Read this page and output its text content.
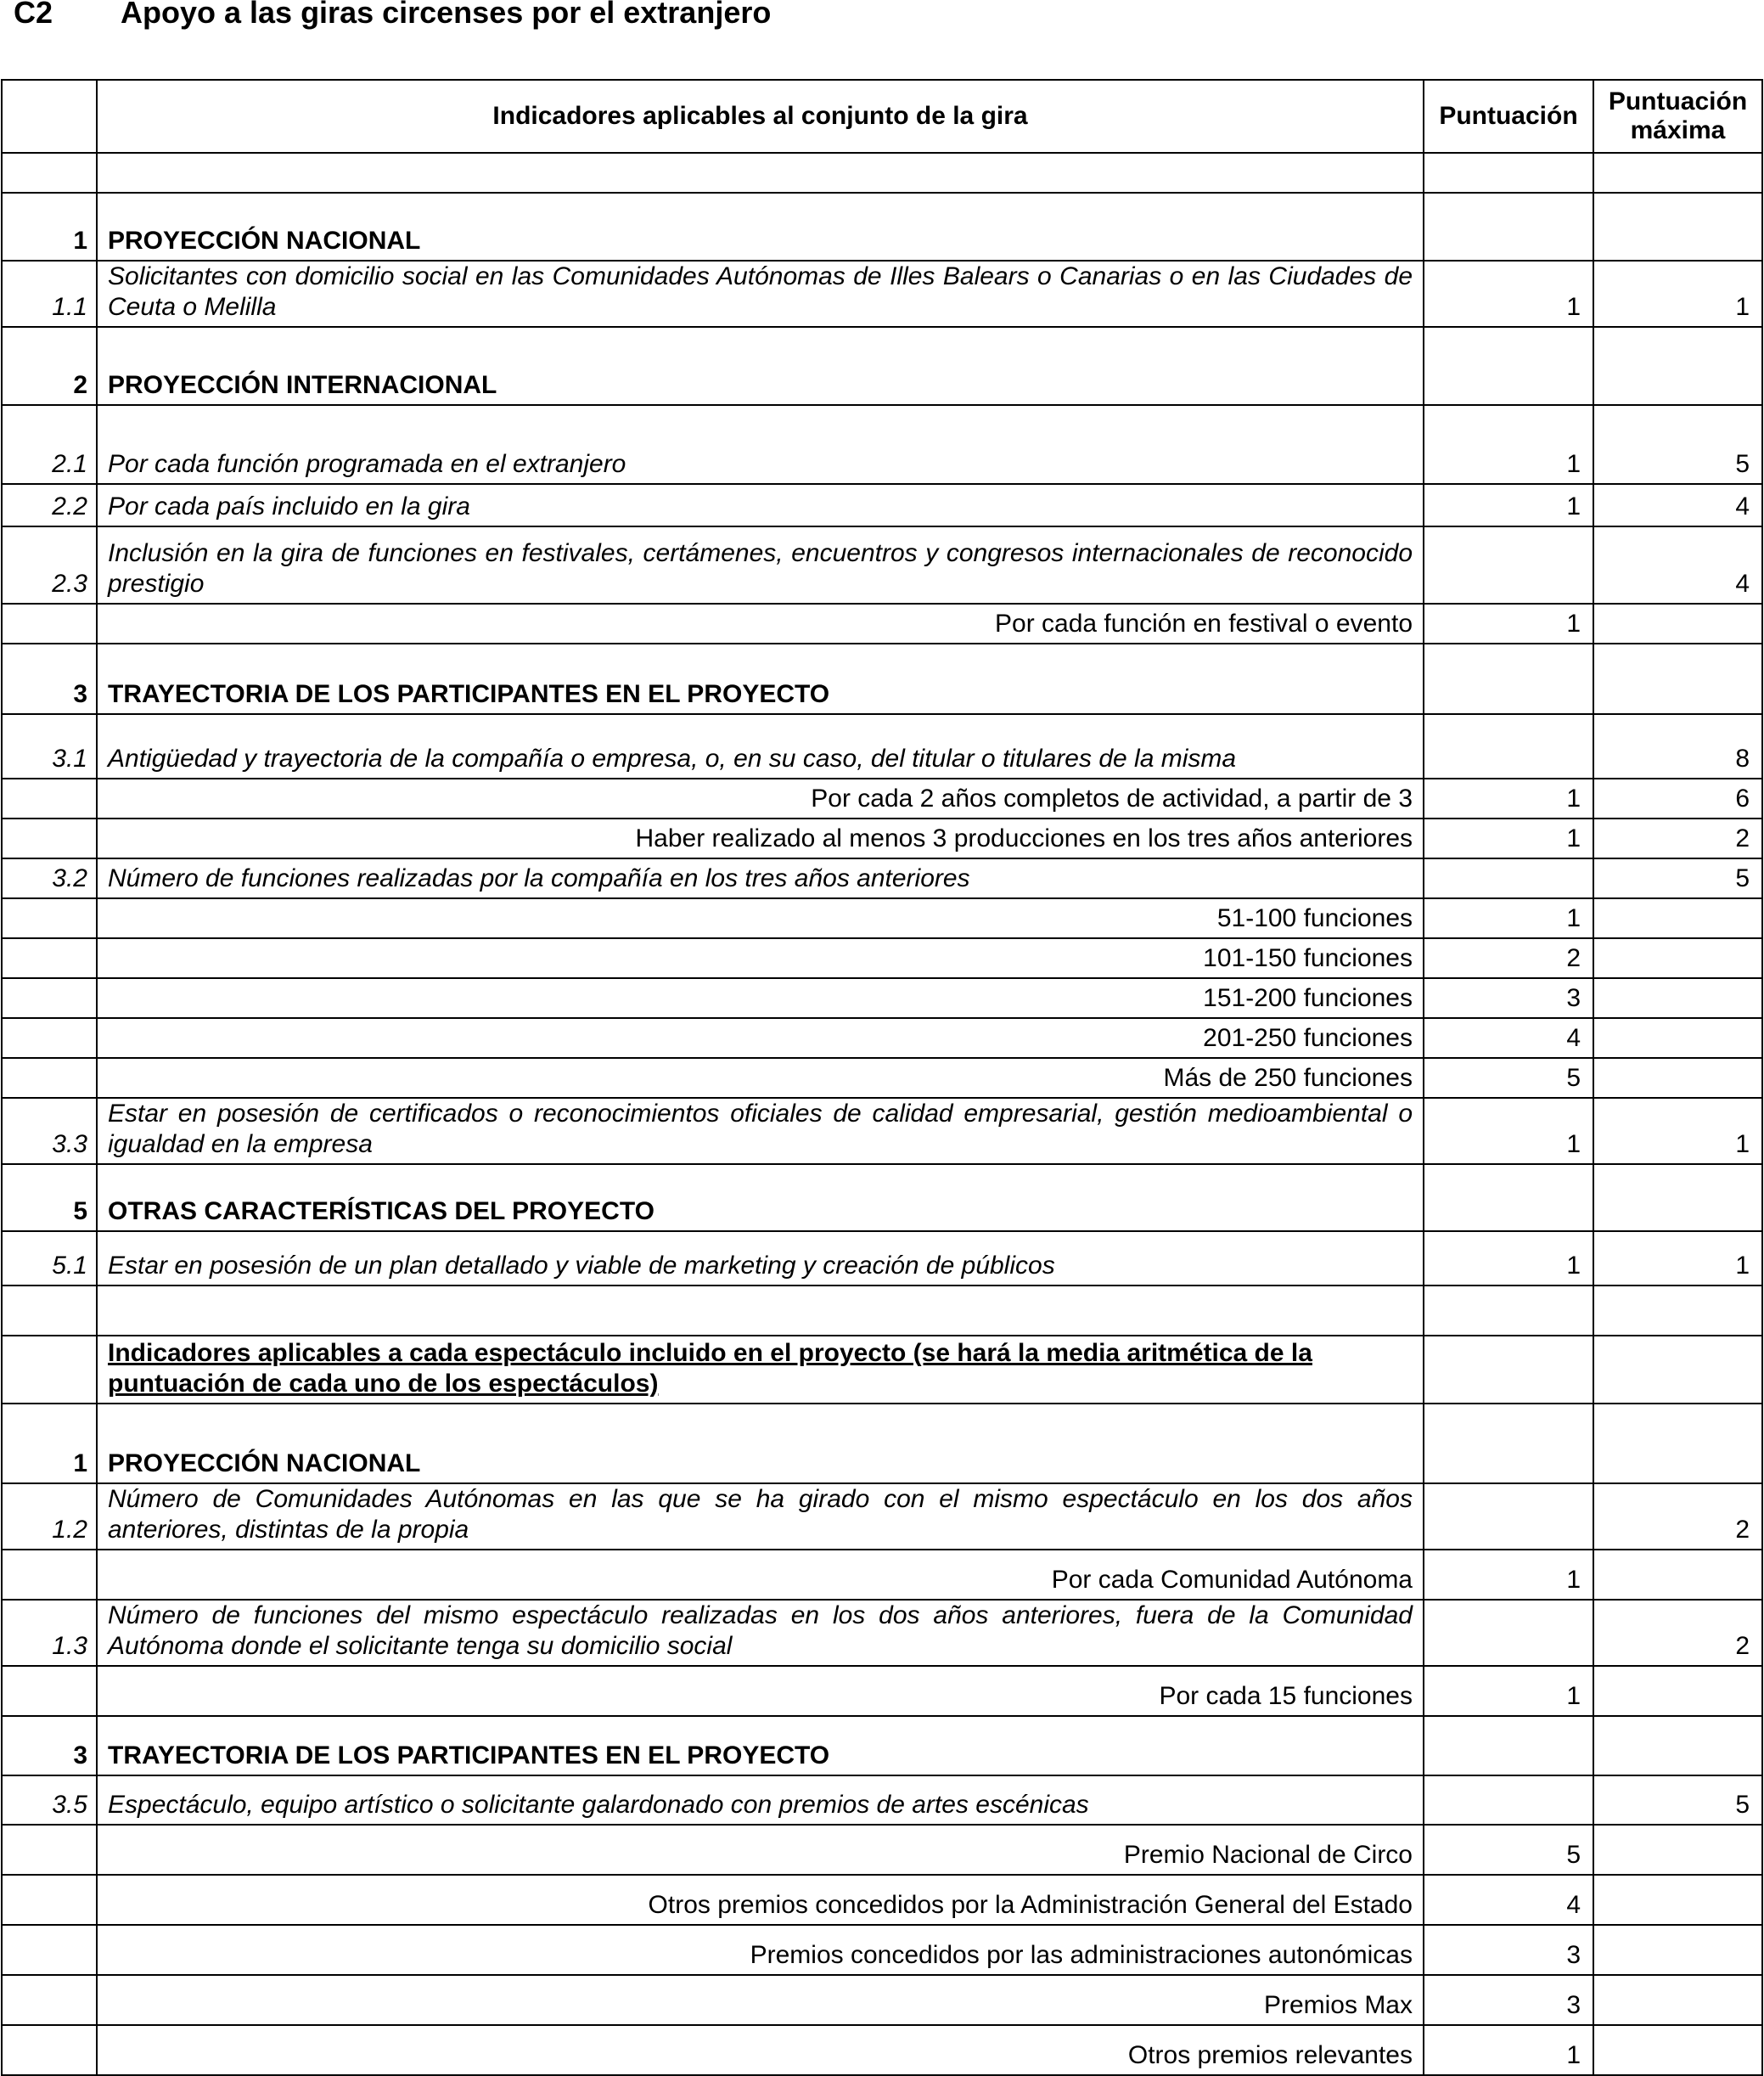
C2 Apoyo a las giras circenses por el extranjero
	Indicadores aplicables al conjunto de la gira	Puntuación	Puntuación máxima

1	PROYECCIÓN NACIONAL		
1.1	Solicitantes con domicilio social en las Comunidades Autónomas de Illes Balears o Canarias o en las Ciudades de Ceuta o Melilla	1	1
2	PROYECCIÓN INTERNACIONAL		
2.1	Por cada función programada en el extranjero	1	5
2.2	Por cada país incluido en la gira	1	4
2.3	Inclusión en la gira de funciones en festivales, certámenes, encuentros y congresos internacionales de reconocido prestigio		4
	Por cada función en festival o evento	1	
3	TRAYECTORIA DE LOS PARTICIPANTES EN EL PROYECTO		
3.1	Antigüedad y trayectoria de la compañía o empresa, o, en su caso, del titular o titulares de la misma		8
	Por cada 2 años completos de actividad, a partir de 3	1	6
	Haber realizado al menos 3 producciones en los tres años anteriores	1	2
3.2	Número de funciones realizadas por la compañía en los tres años anteriores		5
	51-100 funciones	1	
	101-150 funciones	2	
	151-200 funciones	3	
	201-250 funciones	4	
	Más de 250 funciones	5	
3.3	Estar en posesión de certificados o reconocimientos oficiales de calidad empresarial, gestión medioambiental o igualdad en la empresa	1	1
5	OTRAS CARACTERÍSTICAS DEL PROYECTO		
5.1	Estar en posesión de un plan detallado y viable de marketing y creación de públicos	1	1

	Indicadores aplicables a cada espectáculo incluido en el proyecto (se hará la media aritmética de la puntuación de cada uno de los espectáculos)		
1	PROYECCIÓN NACIONAL		
1.2	Número de Comunidades Autónomas en las que se ha girado con el mismo espectáculo en los dos años anteriores, distintas de la propia		2
	Por cada Comunidad Autónoma	1	
1.3	Número de funciones del mismo espectáculo realizadas en los dos años anteriores, fuera de la Comunidad Autónoma donde el solicitante tenga su domicilio social		2
	Por cada 15 funciones	1	
3	TRAYECTORIA DE LOS PARTICIPANTES EN EL PROYECTO		
3.5	Espectáculo, equipo artístico o solicitante galardonado con premios de artes escénicas		5
	Premio Nacional de Circo	5	
	Otros premios concedidos por la Administración General del Estado	4	
	Premios concedidos por las administraciones autonómicas	3	
	Premios Max	3	
	Otros premios relevantes	1	
